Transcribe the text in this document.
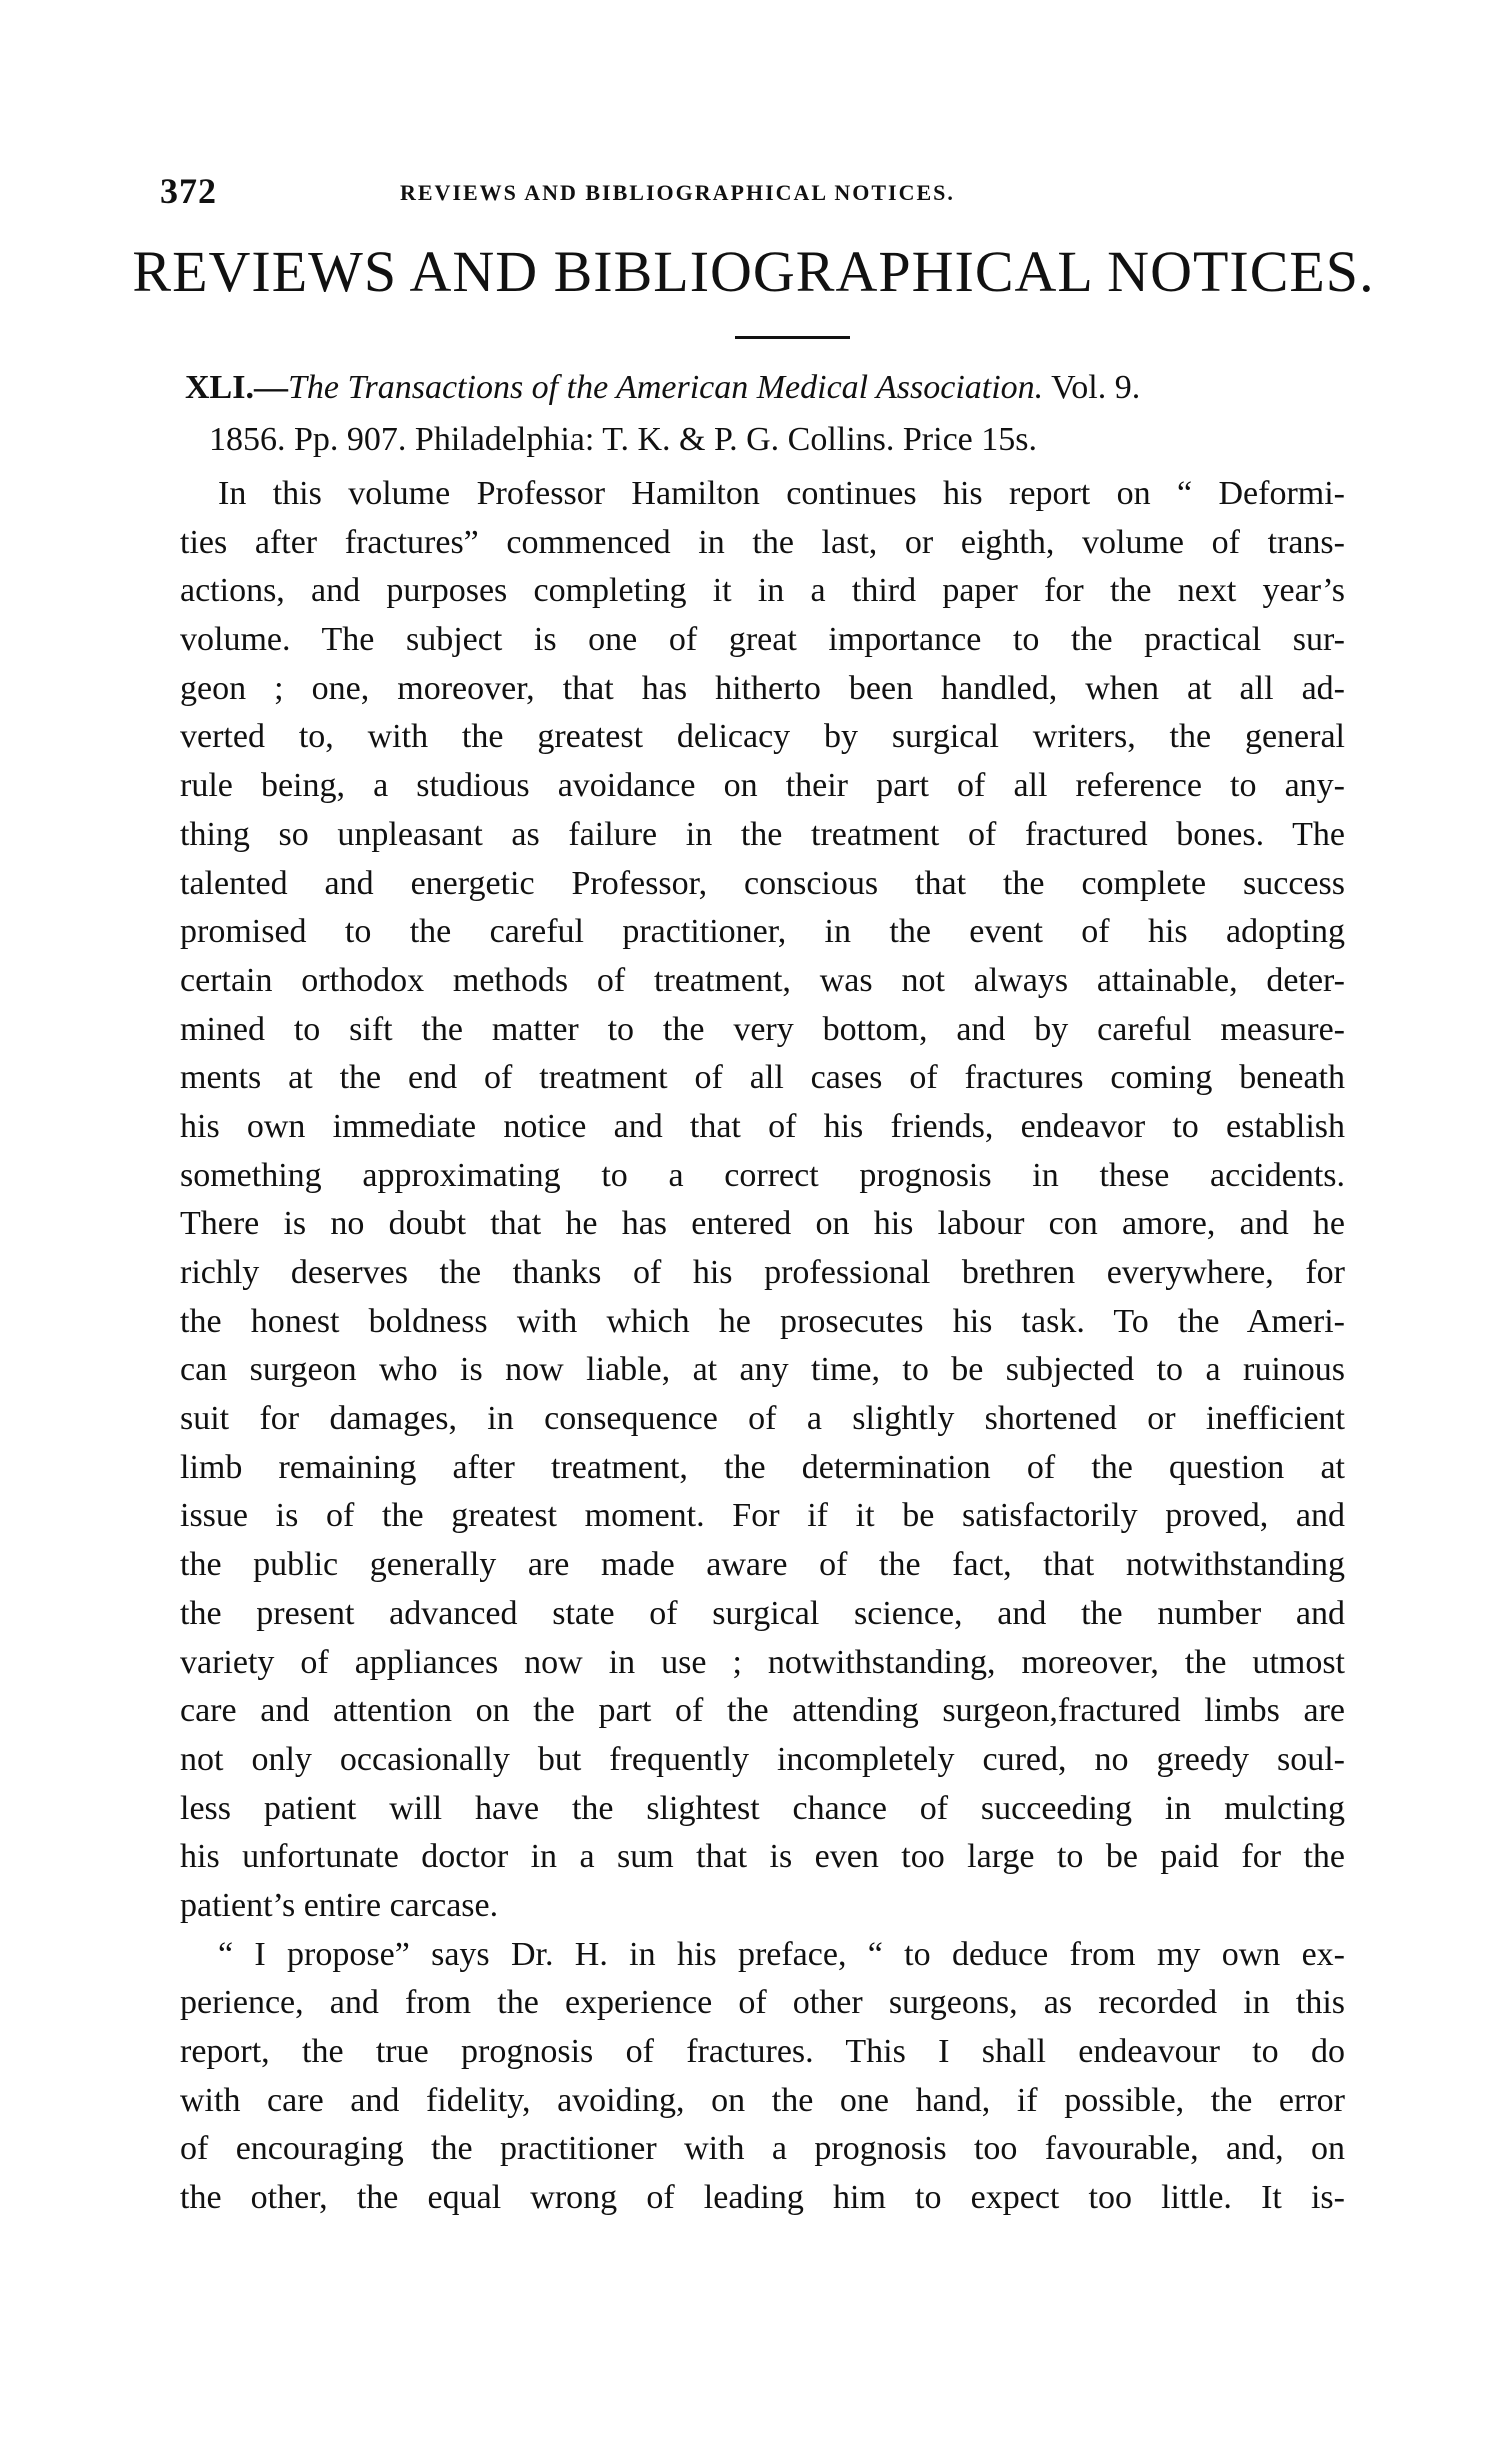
372	REVIEWS AND BIBLIOGRAPHICAL NOTICES.
REVIEWS AND BIBLIOGRAPHICAL NOTICES.
XLI.—The Transactions of the American Medical Association. Vol. 9.
1856. Pp. 907. Philadelphia: T. K. & P. G. Collins. Price 15s.
In this volume Professor Hamilton continues his report on “ Deformi-
ties after fractures” commenced in the last, or eighth, volume of trans-
actions, and purposes completing it in a third paper for the next year’s
volume. The subject is one of great importance to the practical sur-
geon ; one, moreover, that has hitherto been handled, when at all ad-
verted to, with the greatest delicacy by surgical writers, the general
rule being, a studious avoidance on their part of all reference to any-
thing so unpleasant as failure in the treatment of fractured bones. The
talented and energetic Professor, conscious that the complete success
promised to the careful practitioner, in the event of his adopting
certain orthodox methods of treatment, was not always attainable, deter-
mined to sift the matter to the very bottom, and by careful measure-
ments at the end of treatment of all cases of fractures coming beneath
his own immediate notice and that of his friends, endeavor to establish
something approximating to a correct prognosis in these accidents.
There is no doubt that he has entered on his labour con amore, and he
richly deserves the thanks of his professional brethren everywhere, for
the honest boldness with which he prosecutes his task. To the Ameri-
can surgeon who is now liable, at any time, to be subjected to a ruinous
suit for damages, in consequence of a slightly shortened or inefficient
limb remaining after treatment, the determination of the question at
issue is of the greatest moment. For if it be satisfactorily proved, and
the public generally are made aware of the fact, that notwithstanding
the present advanced state of surgical science, and the number and
variety of appliances now in use ; notwithstanding, moreover, the utmost
care and attention on the part of the attending surgeon,fractured limbs are
not only occasionally but frequently incompletely cured, no greedy soul-
less patient will have the slightest chance of succeeding in mulcting
his unfortunate doctor in a sum that is even too large to be paid for the
patient’s entire carcase.
“ I propose” says Dr. H. in his preface, “ to deduce from my own ex-
perience, and from the experience of other surgeons, as recorded in this
report, the true prognosis of fractures. This I shall endeavour to do
with care and fidelity, avoiding, on the one hand, if possible, the error
of encouraging the practitioner with a prognosis too favourable, and, on
the other, the equal wrong of leading him to expect too little. It is-
